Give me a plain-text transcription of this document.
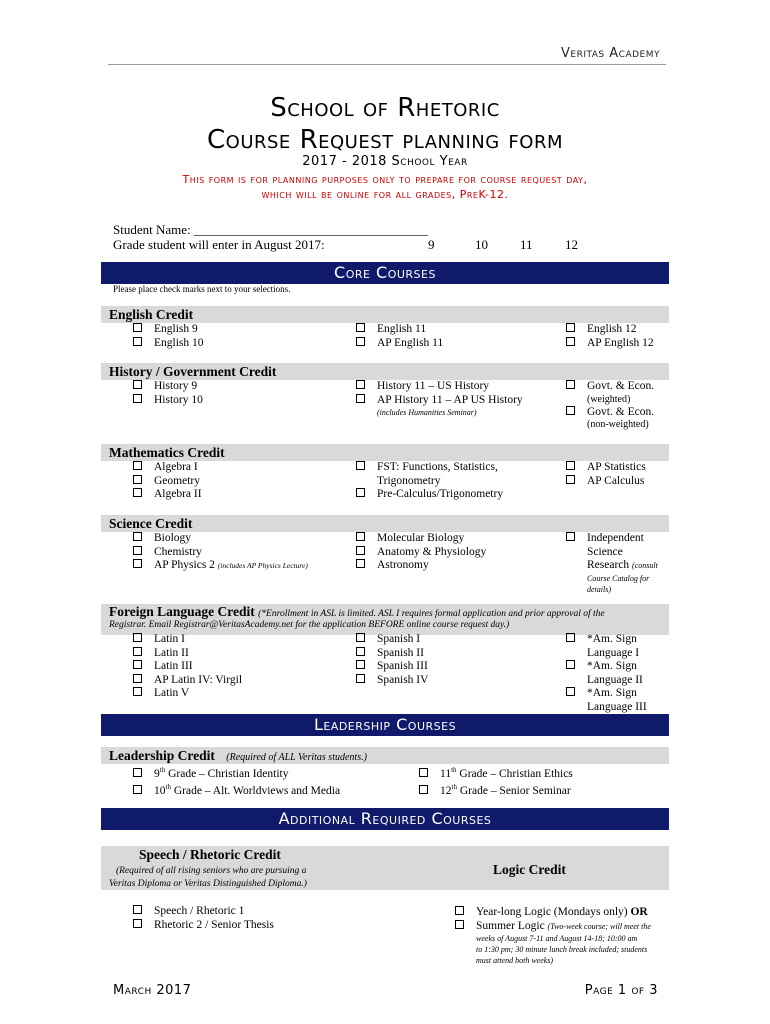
Veritas Academy
School of Rhetoric
Course Request planning form
2017 - 2018 School Year
This form is for planning purposes only to prepare for course request day,
which will be online for all grades, PreK-12.
Student Name: ____________________________________
Grade student will enter in August 2017:	9	10 11 12
Core Courses
Please place check marks next to your selections.
English Credit
English 9
English 10
English 11
AP English 11
English 12
AP English 12
History / Government Credit
History 9
History 10
History 11 – US History
AP History 11 – AP US History
(includes Humanities Seminar)
Govt. & Econ.
(weighted)
Govt. & Econ.
(non-weighted)
Mathematics Credit
Algebra I
Geometry
Algebra II
FST: Functions, Statistics,
Trigonometry
Pre-Calculus/Trigonometry
AP Statistics
AP Calculus
Science Credit
Biology
Chemistry
AP Physics 2 (includes AP Physics Lecture)
Molecular Biology
Anatomy & Physiology
Astronomy
Independent
Science
Research (consult
Course Catalog for
details)
Foreign Language Credit (*Enrollment in ASL is limited. ASL I requires formal application and prior approval of the
Registrar. Email Registrar@VeritasAcademy.net for the application BEFORE online course request day.)
Latin I
Latin II
Latin III
AP Latin IV: Virgil
Latin V
Spanish I
Spanish II
Spanish III
Spanish IV
*Am. Sign
Language I
*Am. Sign
Language II
*Am. Sign
Language III
Leadership Courses
Leadership Credit (Required of ALL Veritas students.)
9th Grade – Christian Identity
10th Grade – Alt. Worldviews and Media
11th Grade – Christian Ethics
12th Grade – Senior Seminar
Additional Required Courses
Speech / Rhetoric Credit
(Required of all rising seniors who are pursuing a
Veritas Diploma or Veritas Distinguished Diploma.)
Logic Credit
Speech / Rhetoric 1
Rhetoric 2 / Senior Thesis
Year-long Logic (Mondays only) OR
Summer Logic (Two-week course; will meet the
weeks of August 7-11 and August 14-18; 10:00 am
to 1:30 pm; 30 minute lunch break included; students
must attend both weeks)
March 2017	Page 1 of 3
